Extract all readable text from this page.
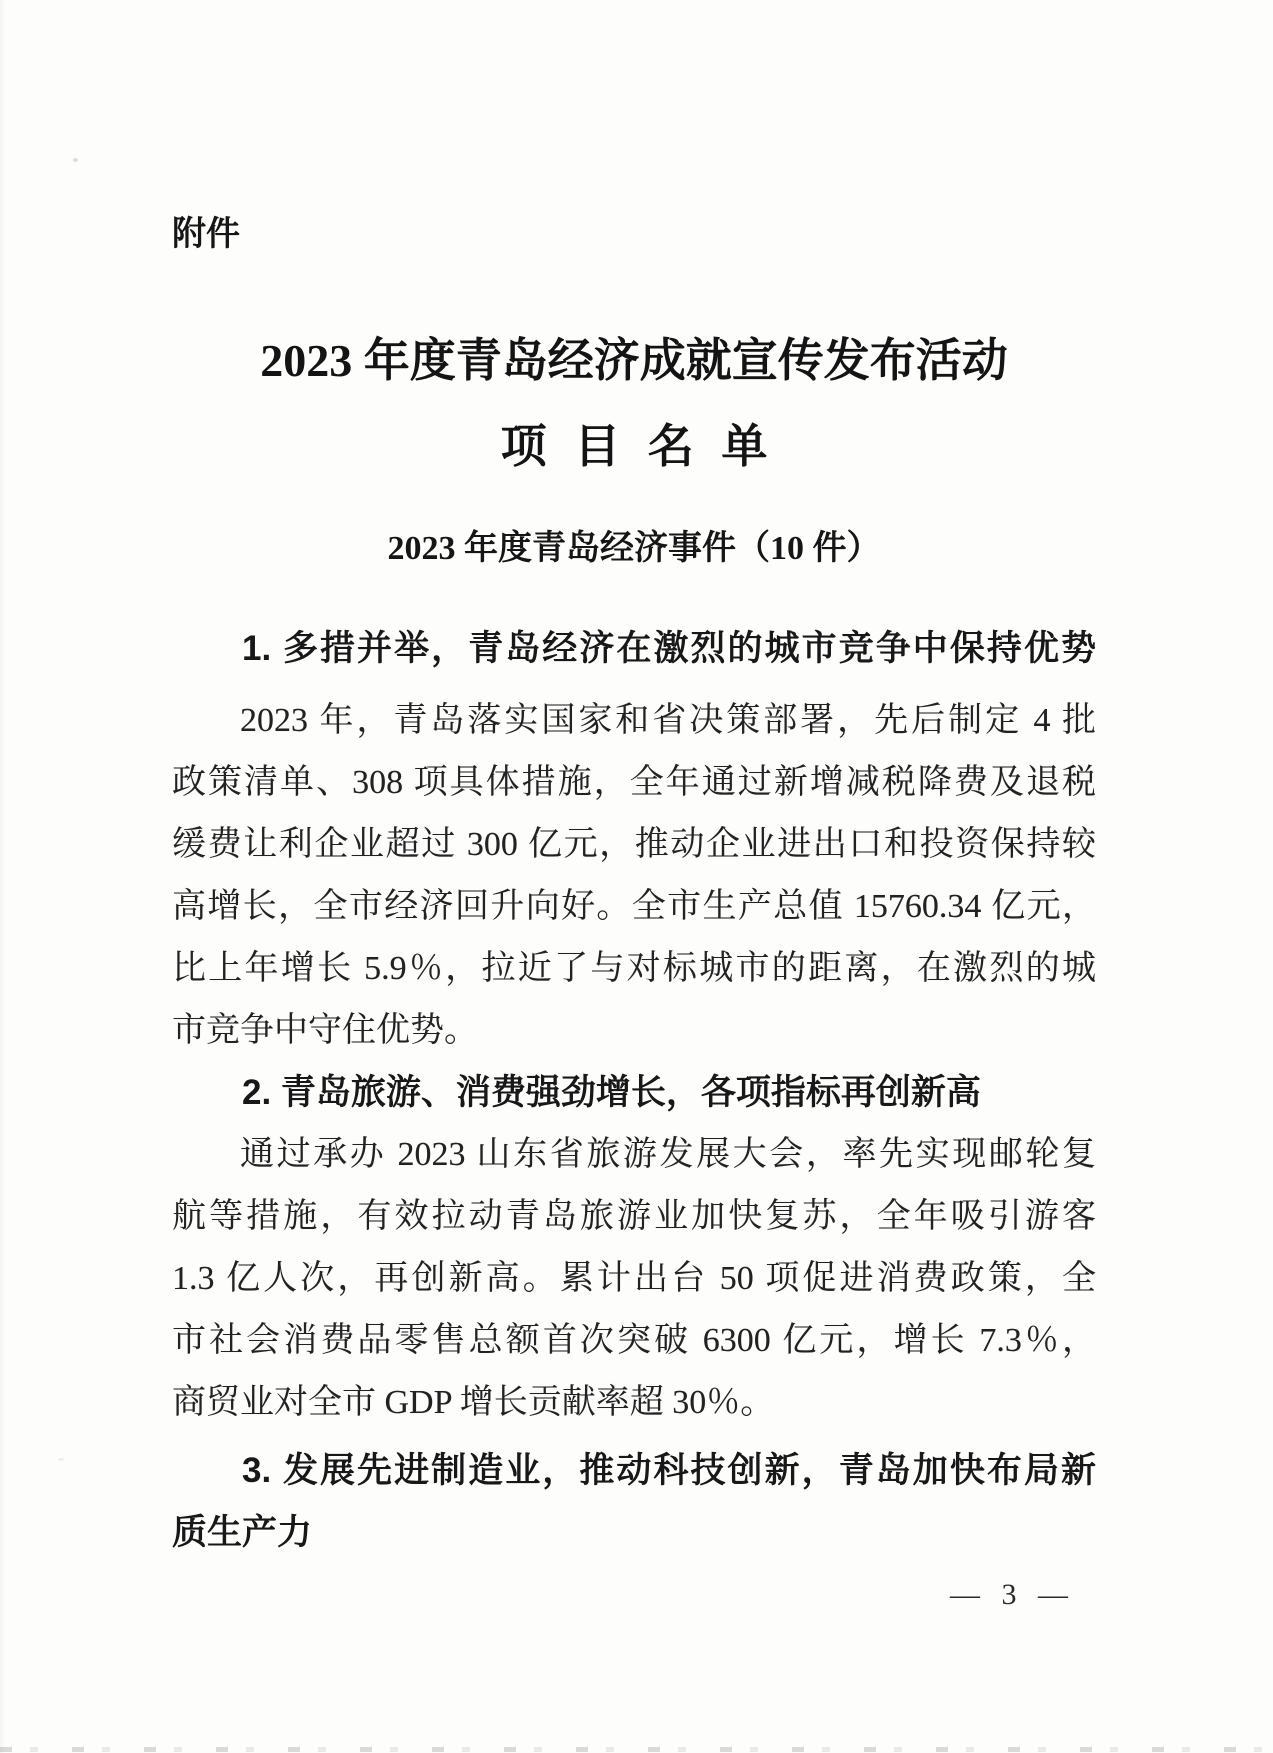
附件
2023 年度青岛经济成就宣传发布活动
项目名单
2023 年度青岛经济事件（10 件）
1. 多措并举，青岛经济在激烈的城市竞争中保持优势
2023 年，青岛落实国家和省决策部署，先后制定 4 批
政策清单、308 项具体措施，全年通过新增减税降费及退税
缓费让利企业超过 300 亿元，推动企业进出口和投资保持较
高增长，全市经济回升向好。全市生产总值 15760.34 亿元，
比上年增长 5.9％，拉近了与对标城市的距离，在激烈的城
市竞争中守住优势。
2. 青岛旅游、消费强劲增长，各项指标再创新高
通过承办 2023 山东省旅游发展大会，率先实现邮轮复
航等措施，有效拉动青岛旅游业加快复苏，全年吸引游客
1.3 亿人次，再创新高。累计出台 50 项促进消费政策，全
市社会消费品零售总额首次突破 6300 亿元，增长 7.3％，
商贸业对全市 GDP 增长贡献率超 30％。
3. 发展先进制造业，推动科技创新，青岛加快布局新
质生产力
— 3 —
